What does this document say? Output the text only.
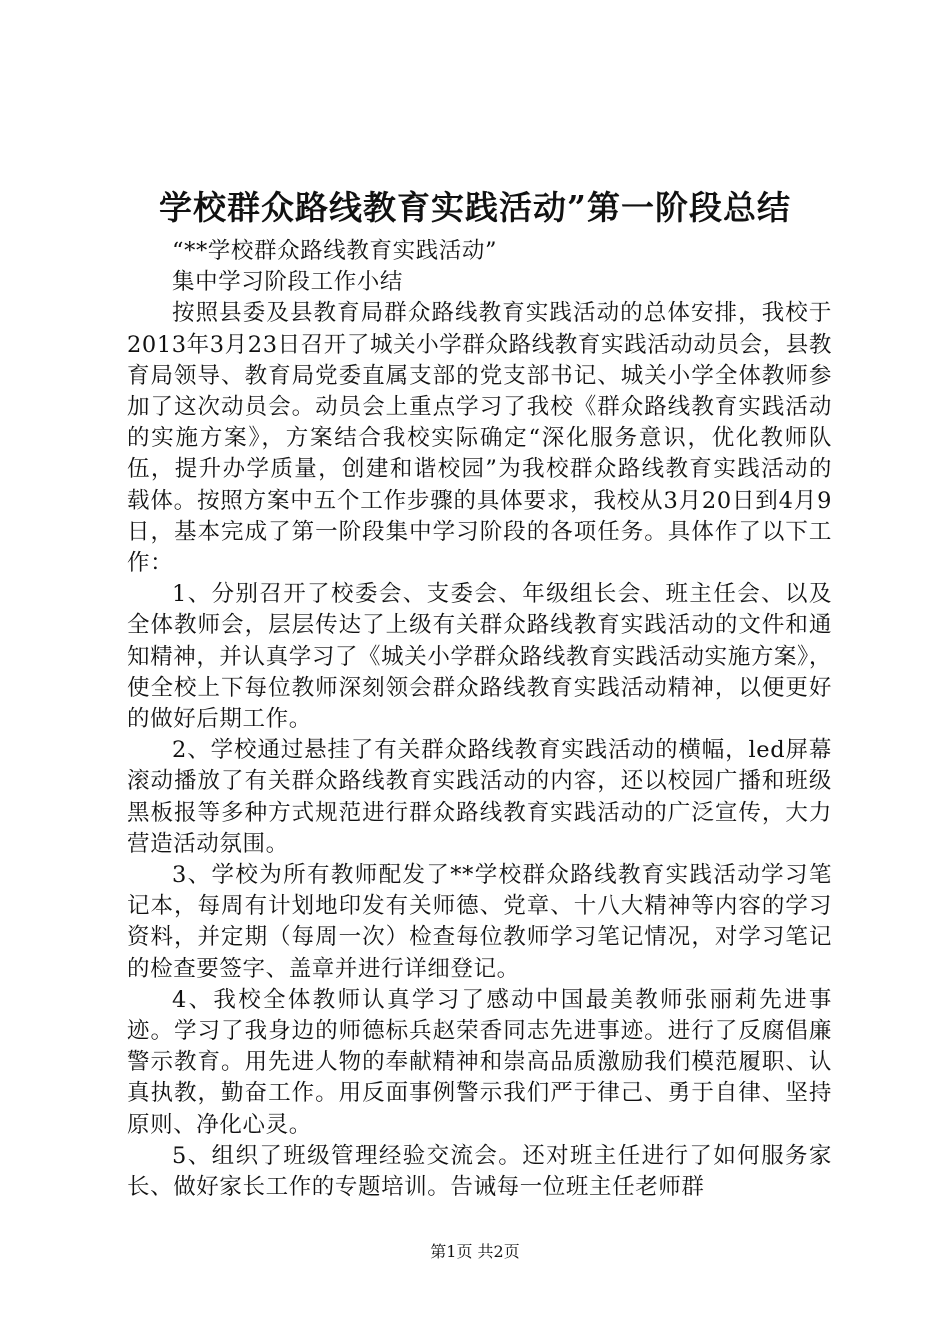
学校群众路线教育实践活动”第一阶段总结

“**学校群众路线教育实践活动”

集中学习阶段工作小结

按照县委及县教育局群众路线教育实践活动的总体安排，我校于2013年3月23日召开了城关小学群众路线教育实践活动动员会，县教育局领导、教育局党委直属支部的党支部书记、城关小学全体教师参加了这次动员会。动员会上重点学习了我校《群众路线教育实践活动的实施方案》，方案结合我校实际确定“深化服务意识，优化教师队伍，提升办学质量，创建和谐校园”为我校群众路线教育实践活动的载体。按照方案中五个工作步骤的具体要求，我校从3月20日到4月9日，基本完成了第一阶段集中学习阶段的各项任务。具体作了以下工作：

1、分别召开了校委会、支委会、年级组长会、班主任会、以及全体教师会，层层传达了上级有关群众路线教育实践活动的文件和通知精神，并认真学习了《城关小学群众路线教育实践活动实施方案》，使全校上下每位教师深刻领会群众路线教育实践活动精神，以便更好的做好后期工作。

2、学校通过悬挂了有关群众路线教育实践活动的横幅，led屏幕滚动播放了有关群众路线教育实践活动的内容，还以校园广播和班级黑板报等多种方式规范进行群众路线教育实践活动的广泛宣传，大力营造活动氛围。

3、学校为所有教师配发了**学校群众路线教育实践活动学习笔记本，每周有计划地印发有关师德、党章、十八大精神等内容的学习资料，并定期（每周一次）检查每位教师学习笔记情况，对学习笔记的检查要签字、盖章并进行详细登记。

4、我校全体教师认真学习了感动中国最美教师张丽莉先进事迹。学习了我身边的师德标兵赵荣香同志先进事迹。进行了反腐倡廉警示教育。用先进人物的奉献精神和崇高品质激励我们模范履职、认真执教，勤奋工作。用反面事例警示我们严于律己、勇于自律、坚持原则、净化心灵。

5、组织了班级管理经验交流会。还对班主任进行了如何服务家长、做好家长工作的专题培训。告诫每一位班主任老师群

第1页 共2页
